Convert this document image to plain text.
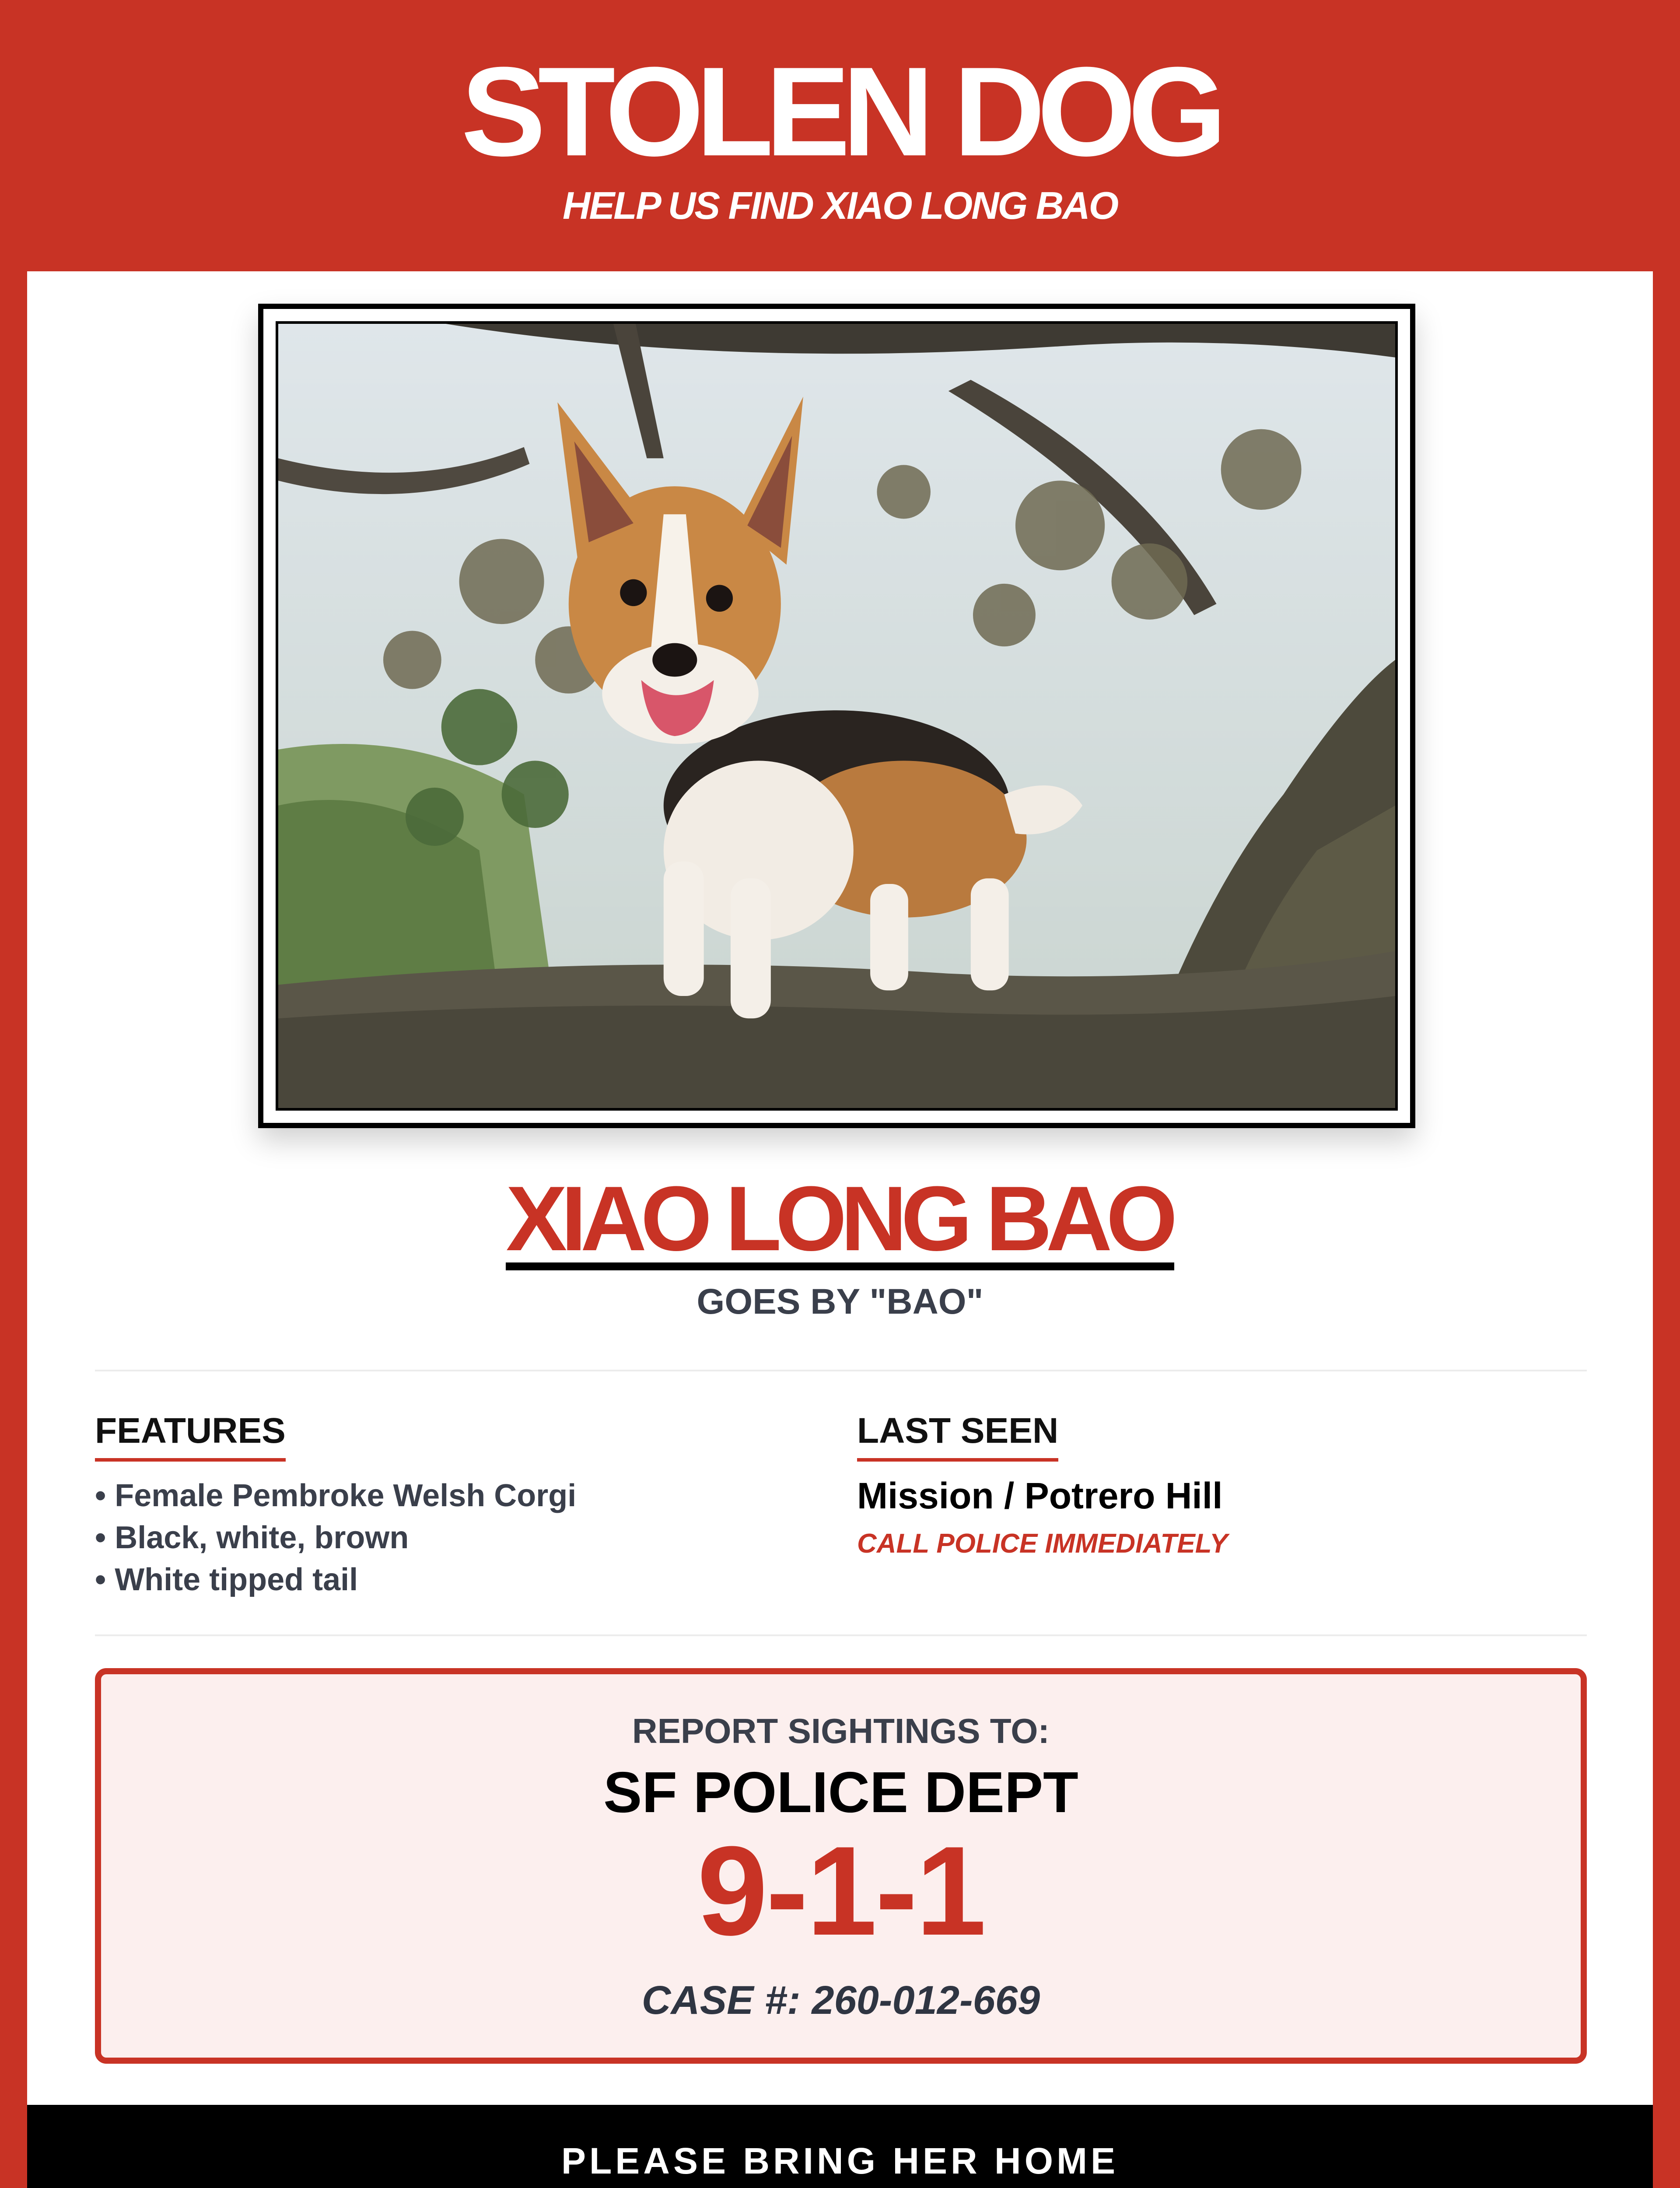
STOLEN DOG
HELP US FIND XIAO LONG BAO
XIAO LONG BAO
GOES BY "BAO"
FEATURES
• Female Pembroke Welsh Corgi
• Black, white, brown
• White tipped tail
LAST SEEN
Mission / Potrero Hill
CALL POLICE IMMEDIATELY
REPORT SIGHTINGS TO:
SF POLICE DEPT
9-1-1
CASE #: 260-012-669
PLEASE BRING HER HOME
